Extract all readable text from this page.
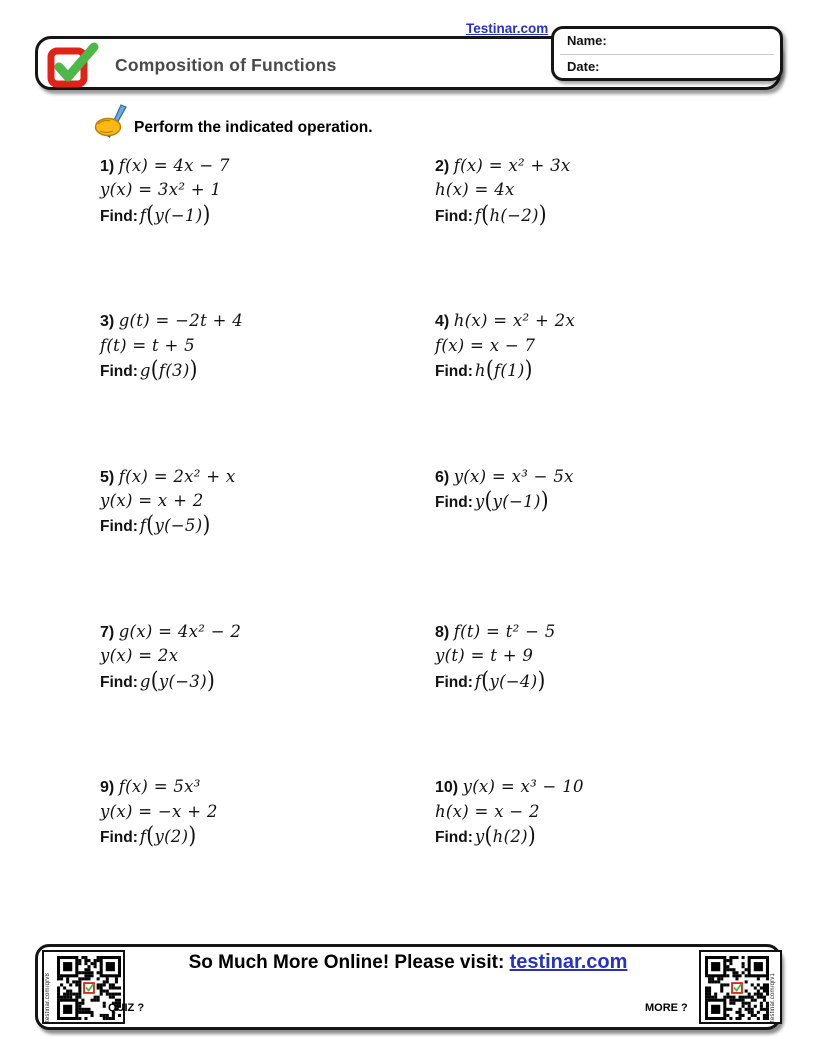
Testinar.com
Composition of Functions
Name:
Date:
Perform the indicated operation.
1) f(x) = 4x − 7
y(x) = 3x² + 1
Find: f(y(−1))
2) f(x) = x² + 3x
h(x) = 4x
Find: f(h(−2))
3) g(t) = −2t + 4
f(t) = t + 5
Find: g(f(3))
4) h(x) = x² + 2x
f(x) = x − 7
Find: h(f(1))
5) f(x) = 2x² + x
y(x) = x + 2
Find: f(y(−5))
6) y(x) = x³ − 5x
Find: y(y(−1))
7) g(x) = 4x² − 2
y(x) = 2x
Find: g(y(−3))
8) f(t) = t² − 5
y(t) = t + 9
Find: f(y(−4))
9) f(x) = 5x³
y(x) = −x + 2
Find: f(y(2))
10) y(x) = x³ − 10
h(x) = x − 2
Find: y(h(2))
testinar.com/qrv8
So Much More Online! Please visit: testinar.com
QUIZ ?	MORE ?	testinar.com/qrv1
